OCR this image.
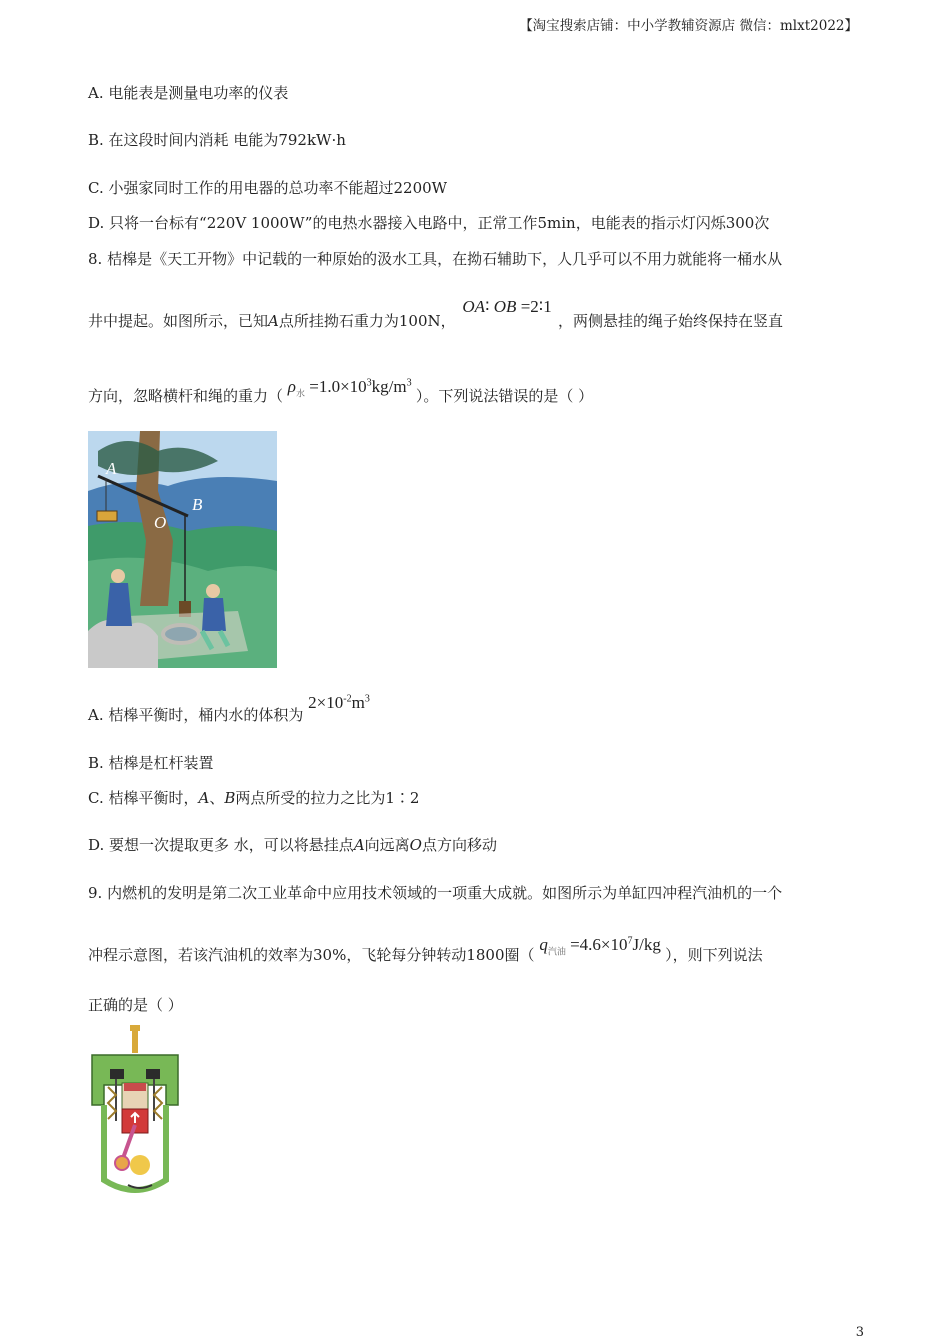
【淘宝搜索店铺：中小学教辅资源店 微信：mlxt2022】
A. 电能表是测量电功率的仪表
B. 在这段时间内消耗 电能为792kW·h
C. 小强家同时工作的用电器的总功率不能超过2200W
D. 只将一台标有“220V 1000W”的电热水器接入电路中，正常工作5min，电能表的指示灯闪烁300次
8. 桔槔是《天工开物》中记载的一种原始的汲水工具，在拗石辅助下，人几乎可以不用力就能将一桶水从
井中提起。如图所示，已知A点所挂拗石重力为100N， OA∶ OB =2∶1 ，两侧悬挂的绳子始终保持在竖直
方向，忽略横杆和绳的重力（ $\rho_水 =1.0\times 10^3kg/m^3$ ）。下列说法错误的是（ ）
A
B
O
A. 桔槔平衡时，桶内水的体积为 $2\times 10^{-2}m^3$
B. 桔槔是杠杆装置
C. 桔槔平衡时，A、B两点所受的拉力之比为1∶2
D. 要想一次提取更多 水，可以将悬挂点A向远离O点方向移动
9. 内燃机的发明是第二次工业革命中应用技术领域的一项重大成就。如图所示为单缸四冲程汽油机的一个
冲程示意图，若该汽油机的效率为30%，飞轮每分钟转动1800圈（ $q_{汽油} =4.6\times 10^7J/kg$ ），则下列说法
正确的是（ ）
3
